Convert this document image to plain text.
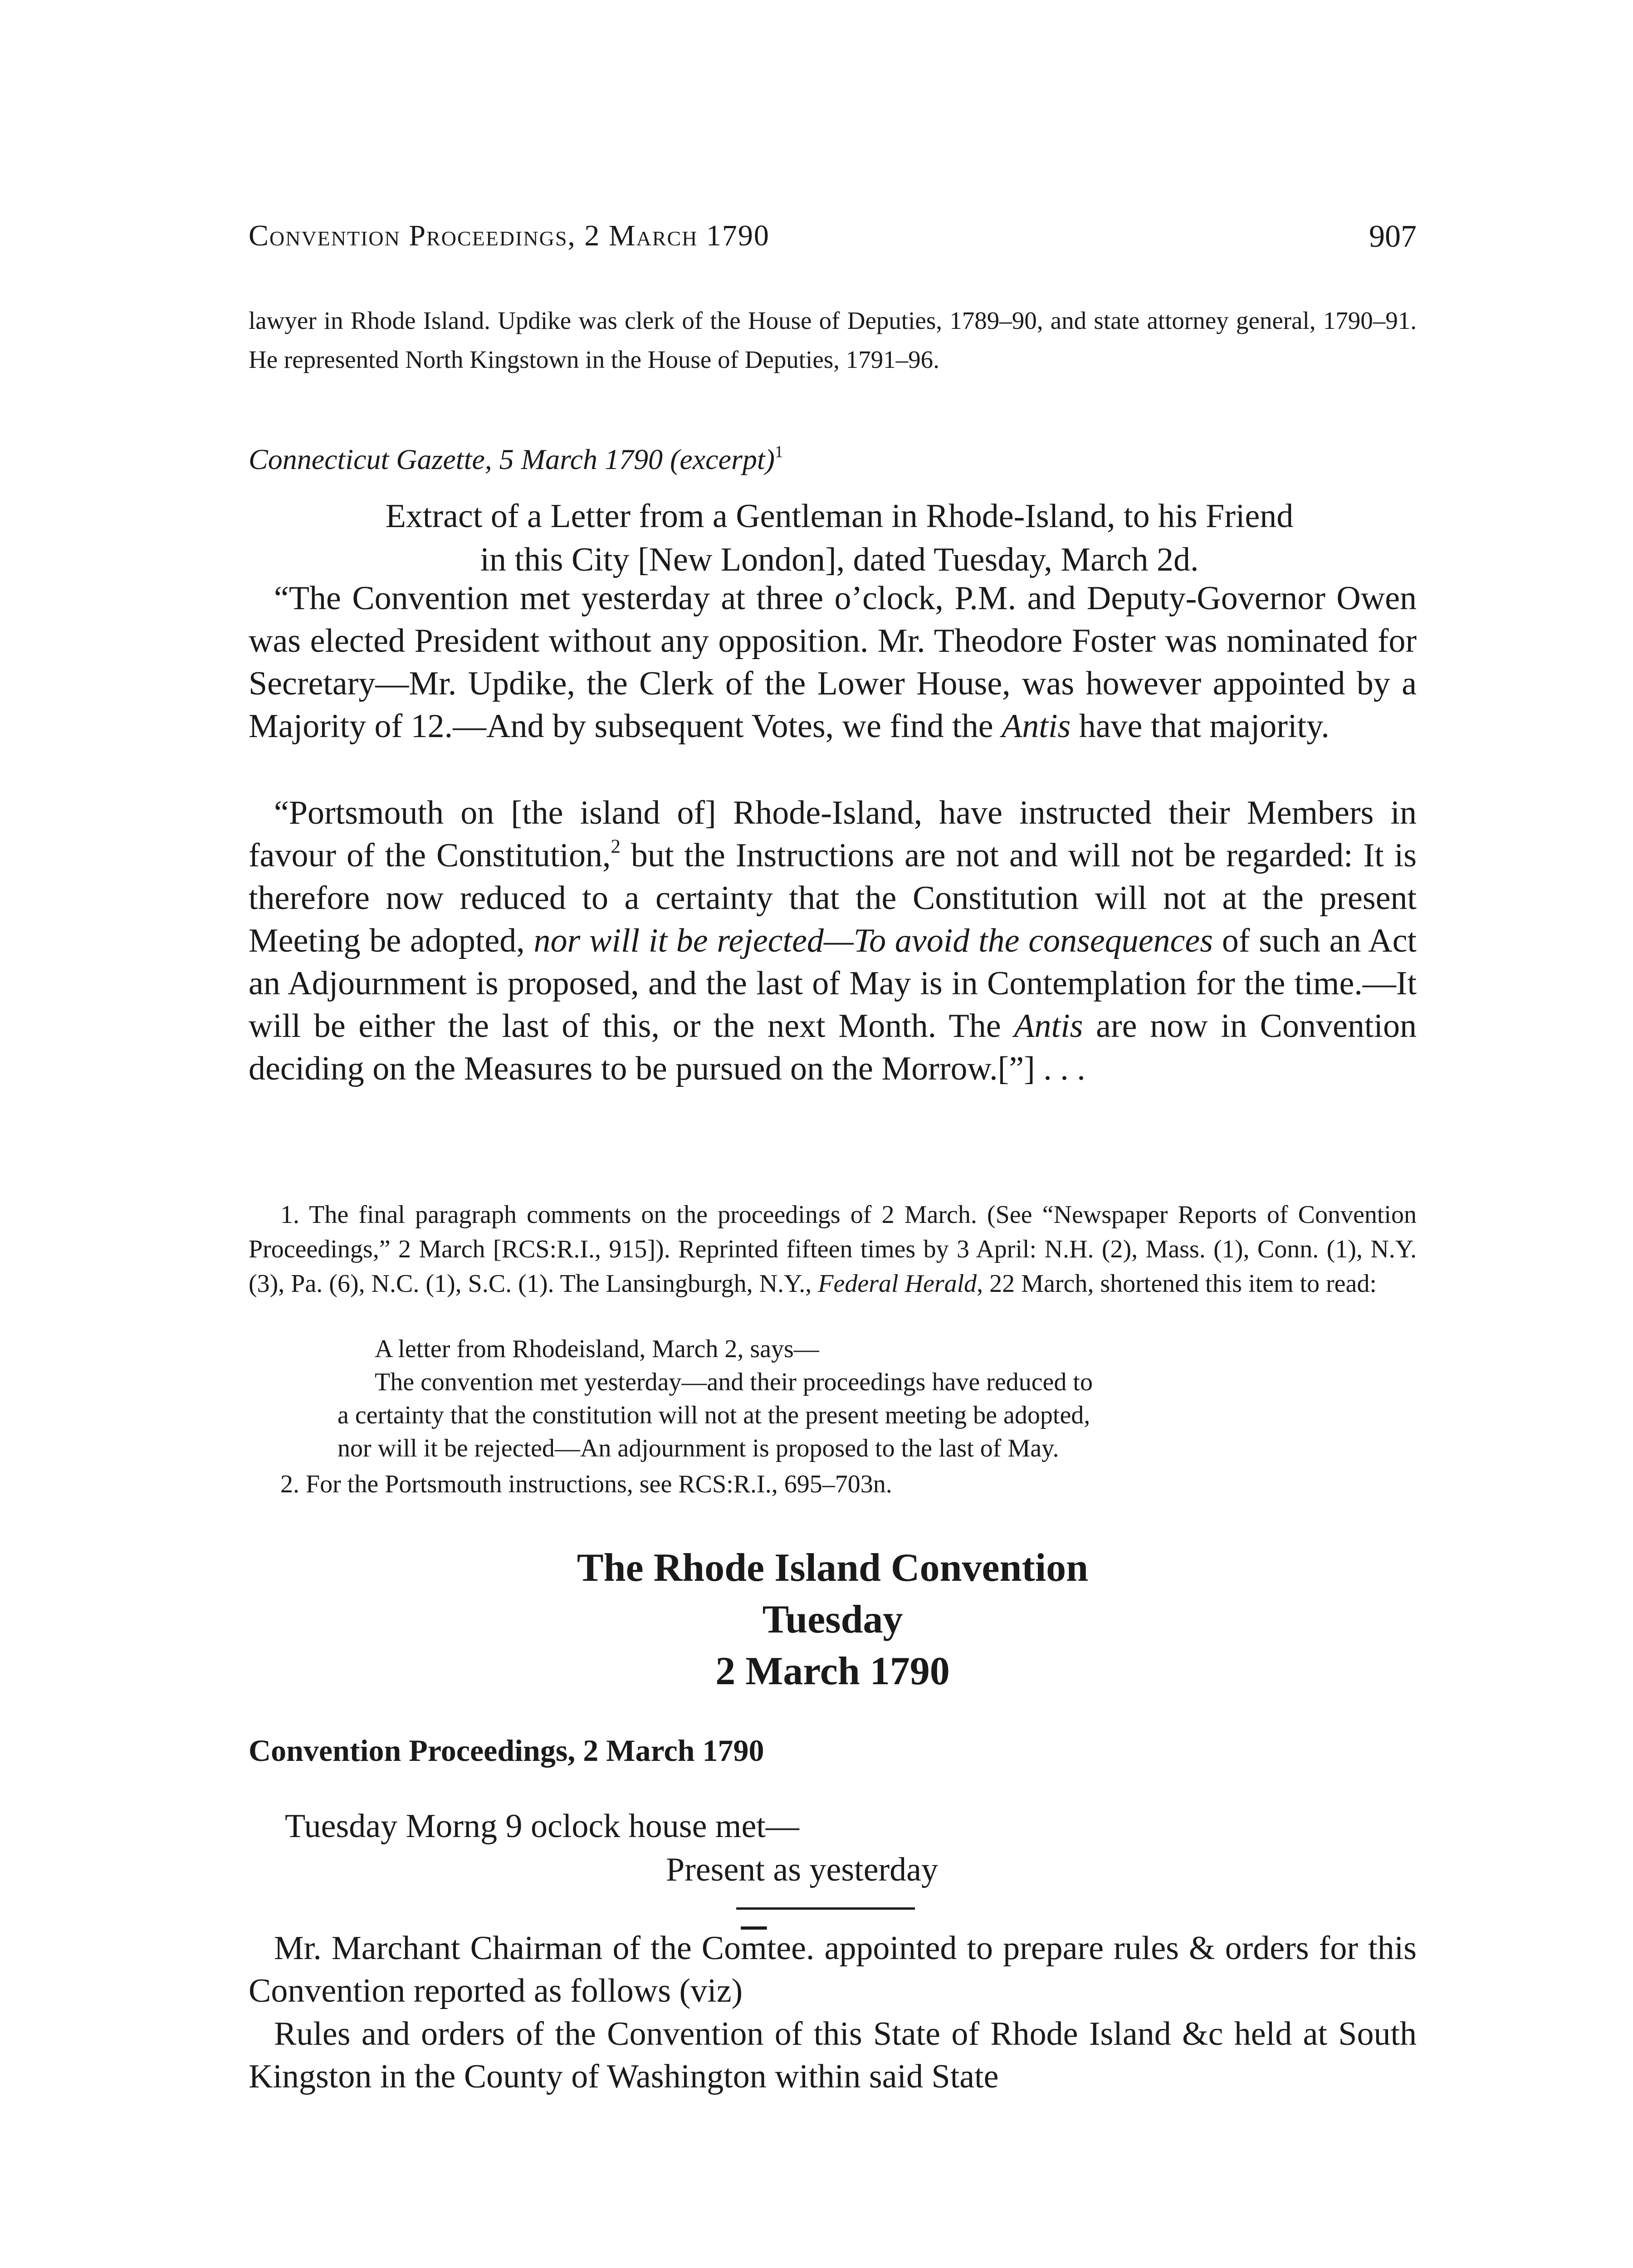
Convention Proceedings, 2 March 1790	907
lawyer in Rhode Island. Updike was clerk of the House of Deputies, 1789–90, and state attorney general, 1790–91. He represented North Kingstown in the House of Deputies, 1791–96.
Connecticut Gazette, 5 March 1790 (excerpt)$^1$
Extract of a Letter from a Gentleman in Rhode-Island, to his Friend
in this City [New London], dated Tuesday, March 2d.
“The Convention met yesterday at three o’clock, P.M. and Deputy-Governor Owen was elected President without any opposition. Mr. Theodore Foster was nominated for Secretary—Mr. Updike, the Clerk of the Lower House, was however appointed by a Majority of 12.—And by subsequent Votes, we find the Antis have that majority.
“Portsmouth on [the island of] Rhode-Island, have instructed their Members in favour of the Constitution,$^2$ but the Instructions are not and will not be regarded: It is therefore now reduced to a certainty that the Constitution will not at the present Meeting be adopted, nor will it be rejected—To avoid the consequences of such an Act an Adjournment is proposed, and the last of May is in Contemplation for the time.—It will be either the last of this, or the next Month. The Antis are now in Convention deciding on the Measures to be pursued on the Morrow.[”] . . .
1. The final paragraph comments on the proceedings of 2 March. (See “Newspaper Reports of Convention Proceedings,” 2 March [RCS:R.I., 915]). Reprinted fifteen times by 3 April: N.H. (2), Mass. (1), Conn. (1), N.Y. (3), Pa. (6), N.C. (1), S.C. (1). The Lansingburgh, N.Y., Federal Herald, 22 March, shortened this item to read:
A letter from Rhodeisland, March 2, says—
The convention met yesterday—and their proceedings have reduced to
a certainty that the constitution will not at the present meeting be adopted,
nor will it be rejected—An adjournment is proposed to the last of May.
2. For the Portsmouth instructions, see RCS:R.I., 695–703n.
The Rhode Island Convention
Tuesday
2 March 1790
Convention Proceedings, 2 March 1790
Tuesday Morng 9 oclock house met—
Present as yesterday
Mr. Marchant Chairman of the $Co\overline{m}tee$. appointed to prepare rules & orders for this Convention reported as follows (viz)
Rules and orders of the Convention of this State of Rhode Island &c held at South Kingston in the County of Washington within said State
